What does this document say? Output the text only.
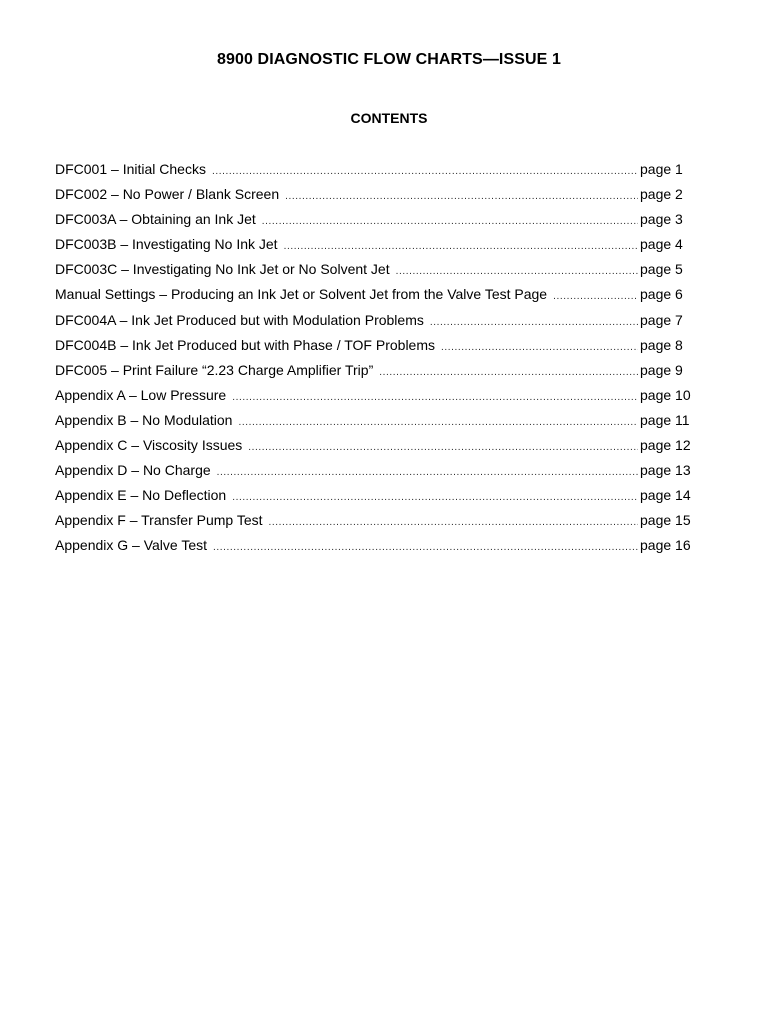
8900 DIAGNOSTIC FLOW CHARTS—ISSUE 1
CONTENTS
DFC001 – Initial Checks .....	page 1
DFC002 – No Power / Blank Screen .....	page 2
DFC003A – Obtaining an Ink Jet .....	page 3
DFC003B – Investigating No Ink Jet .....	page 4
DFC003C – Investigating No Ink Jet or No Solvent Jet .....	page 5
Manual Settings – Producing an Ink Jet or Solvent Jet from the Valve Test Page .....	page 6
DFC004A – Ink Jet Produced but with Modulation Problems .....	page 7
DFC004B – Ink Jet Produced but with Phase / TOF Problems .....	page 8
DFC005 – Print Failure “2.23 Charge Amplifier Trip” .....	page 9
Appendix A – Low Pressure .....	page 10
Appendix B – No Modulation .....	page 11
Appendix C – Viscosity Issues .....	page 12
Appendix D – No Charge .....	page 13
Appendix E – No Deflection .....	page 14
Appendix F – Transfer Pump Test .....	page 15
Appendix G – Valve Test .....	page 16
